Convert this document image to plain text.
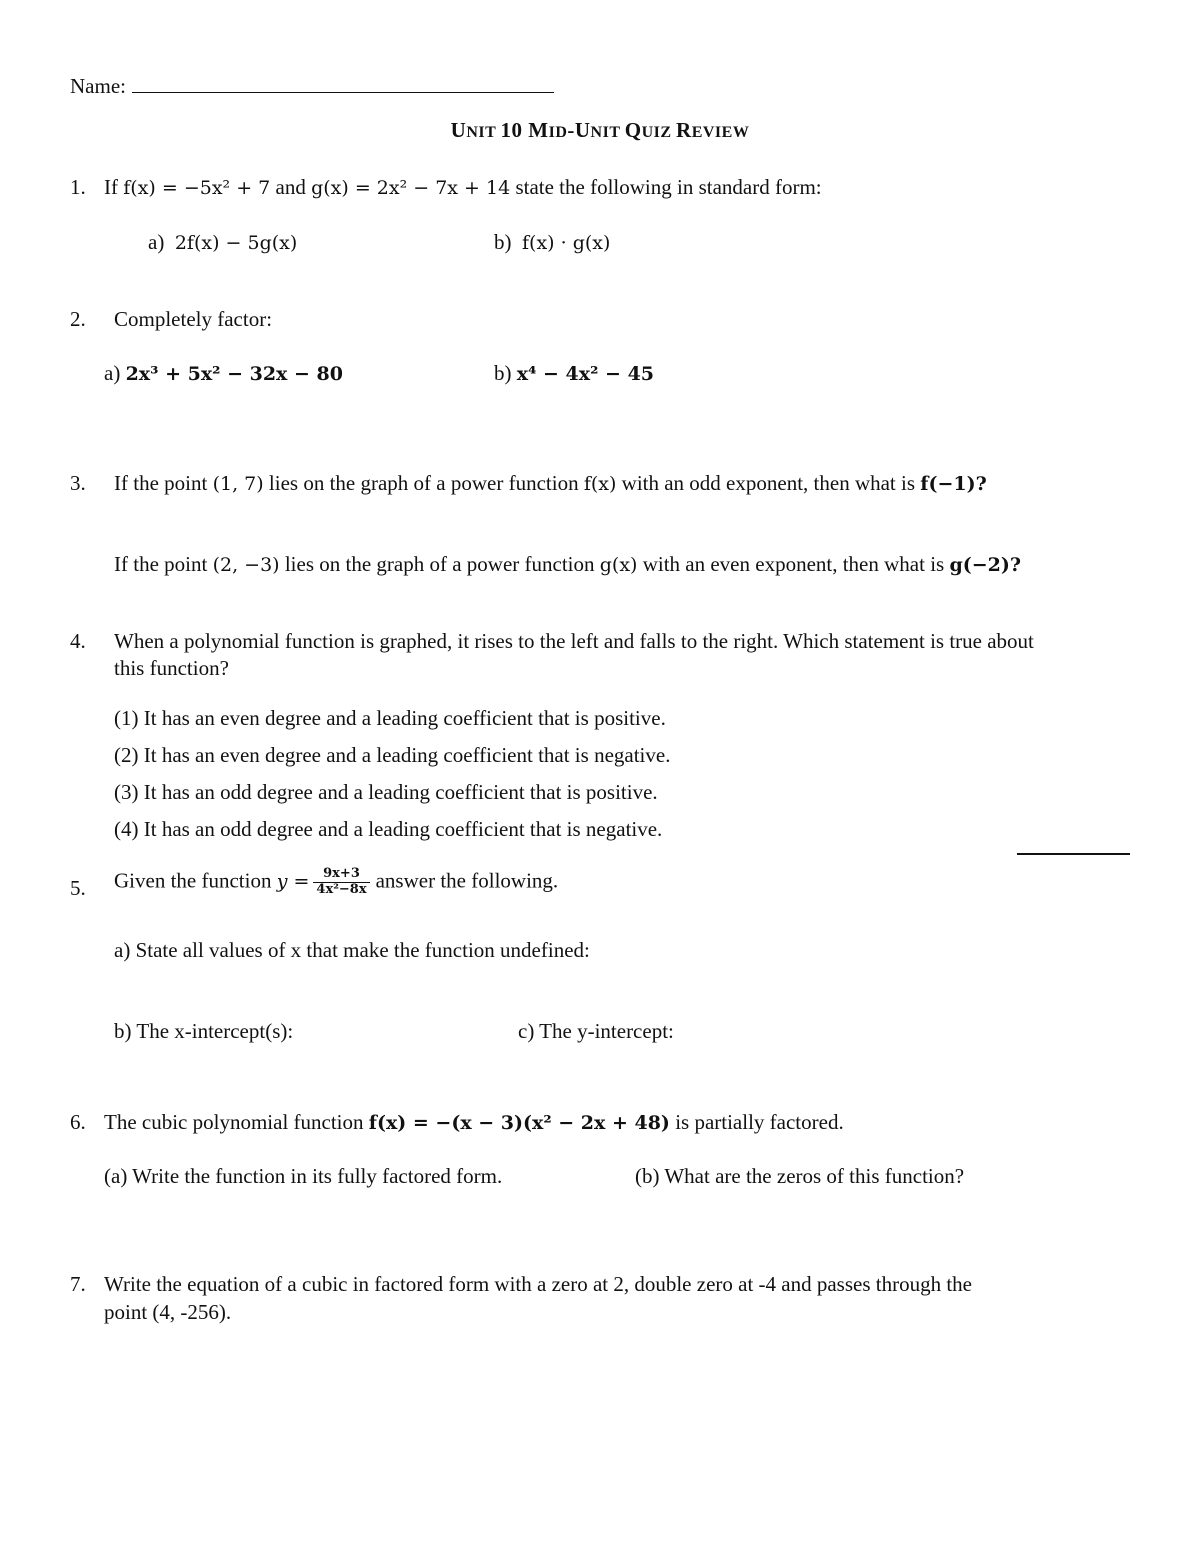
Name:
UNIT 10 MID-UNIT QUIZ REVIEW
1. If f(x) = −5x² + 7 and g(x) = 2x² − 7x + 14 state the following in standard form:
a) 2f(x) − 5g(x)	b) f(x) · g(x)
2. Completely factor:
a) 2x³ + 5x² − 32x − 80	b) x⁴ − 4x² − 45
3. If the point (1, 7) lies on the graph of a power function f(x) with an odd exponent, then what is f(−1)?
If the point (2, −3) lies on the graph of a power function g(x) with an even exponent, then what is g(−2)?
4. When a polynomial function is graphed, it rises to the left and falls to the right. Which statement is true about
this function?
(1) It has an even degree and a leading coefficient that is positive.
(2) It has an even degree and a leading coefficient that is negative.
(3) It has an odd degree and a leading coefficient that is positive.
(4) It has an odd degree and a leading coefficient that is negative.
5. Given the function $y = \frac{9x+3}{\text{4x²−8x}}$ answer the following.
a) State all values of x that make the function undefined:
b) The x-intercept(s):	c) The y-intercept:
6. The cubic polynomial function f(x) = −(x − 3)(x² − 2x + 48) is partially factored.
(a) Write the function in its fully factored form.	(b) What are the zeros of this function?
7. Write the equation of a cubic in factored form with a zero at 2, double zero at -4 and passes through the
point (4, -256).
